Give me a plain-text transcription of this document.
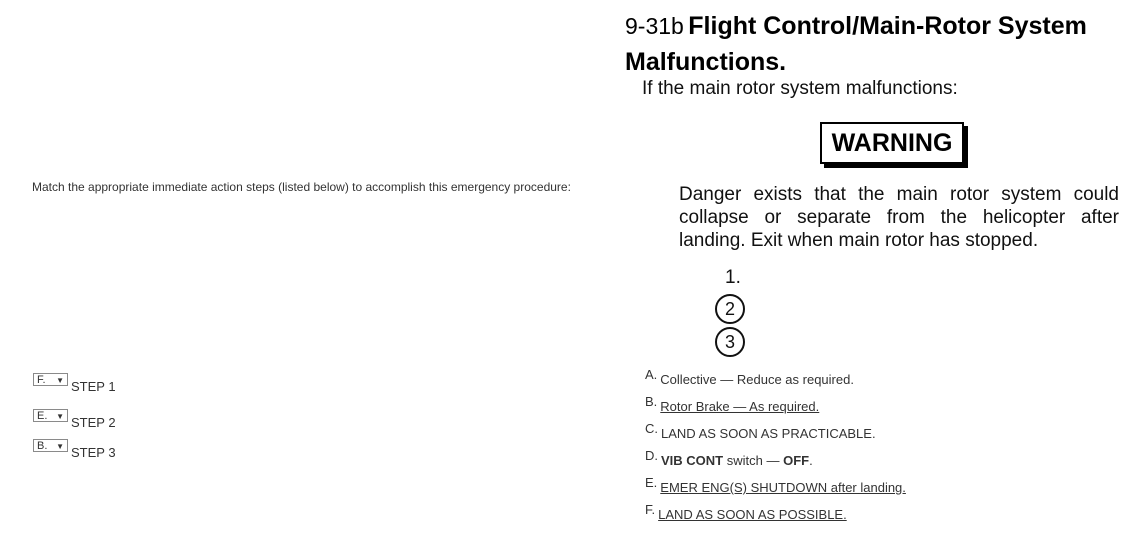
Match the appropriate immediate action steps (listed below) to accomplish this emergency procedure:
F. ▼ STEP 1
E. ▼ STEP 2
B. ▼ STEP 3
9-31b Flight Control/Main-Rotor System Malfunctions.
If the main rotor system malfunctions:
WARNING
Danger exists that the main rotor system could collapse or separate from the helicopter after landing. Exit when main rotor has stopped.
1.
2
3
A. Collective — Reduce as required.
B. Rotor Brake — As required.
C. LAND AS SOON AS PRACTICABLE.
D. VIB CONT switch — OFF.
E. EMER ENG(S) SHUTDOWN after landing.
F. LAND AS SOON AS POSSIBLE.
